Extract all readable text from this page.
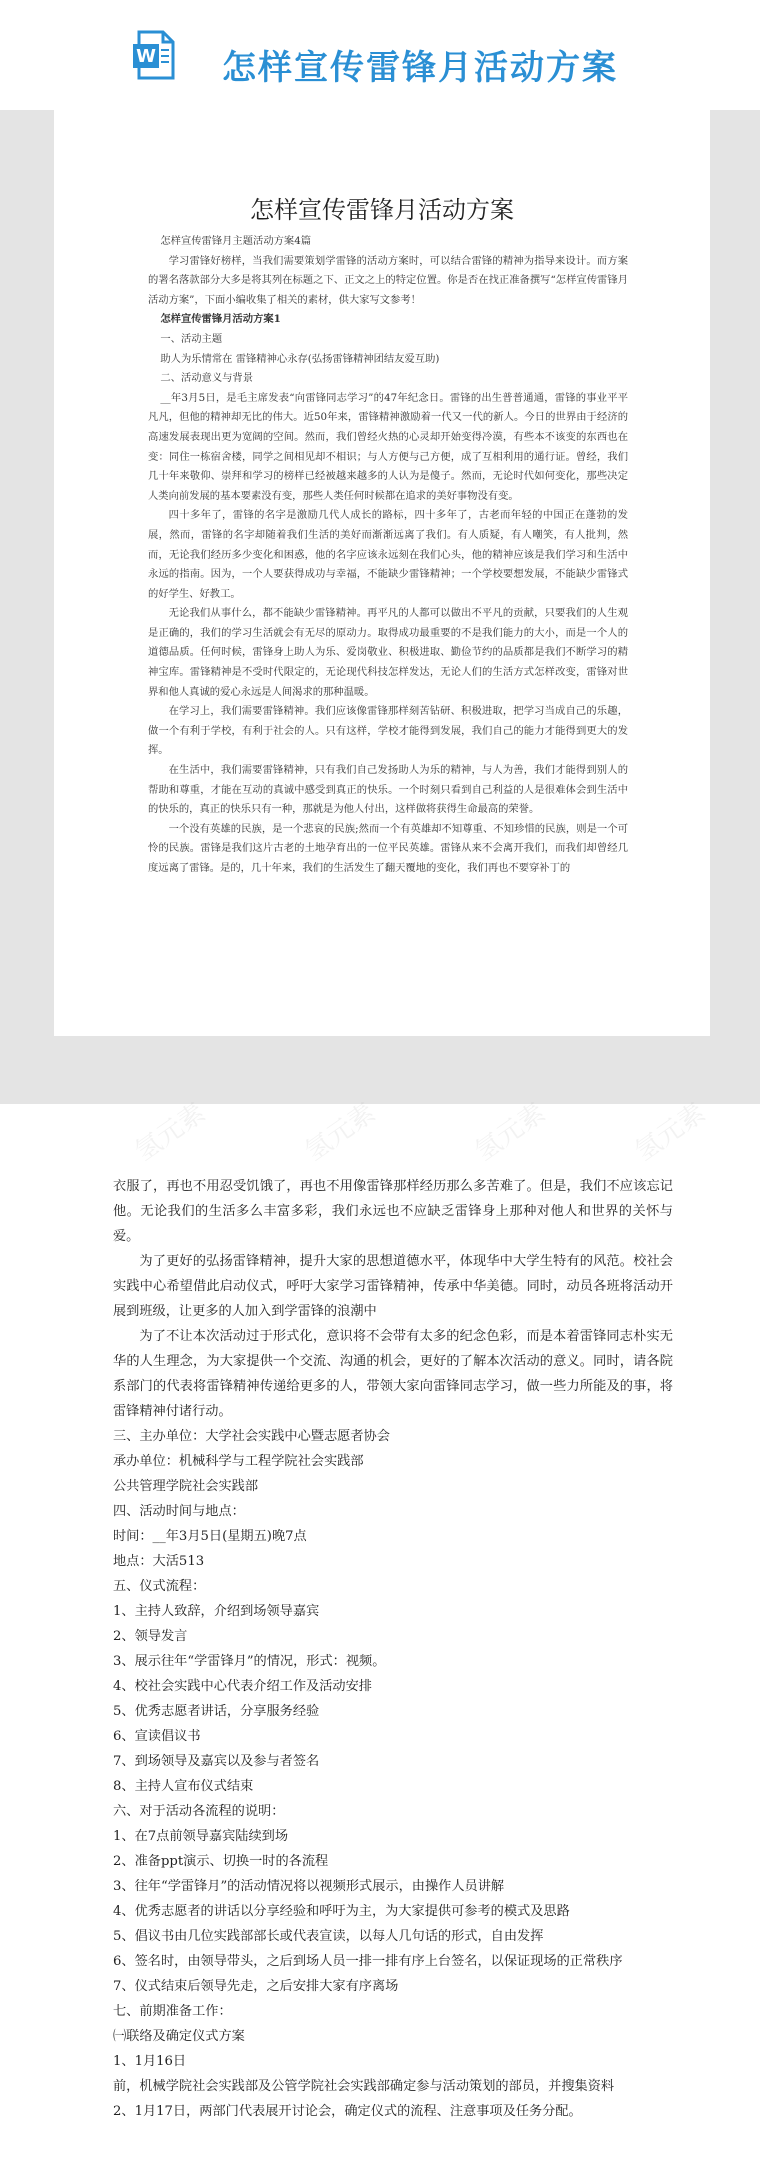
W 怎样宣传雷锋月活动方案
怎样宣传雷锋月活动方案

怎样宣传雷锋月主题活动方案4篇

学习雷锋好榜样，当我们需要策划学雷锋的活动方案时，可以结合雷锋的精神为指导来设计。而方案的署名落款部分大多是将其列在标题之下、正文之上的特定位置。你是否在找正准备撰写“怎样宣传雷锋月活动方案”，下面小编收集了相关的素材，供大家写文参考！

怎样宣传雷锋月活动方案1

一、活动主题

助人为乐情常在 雷锋精神心永存(弘扬雷锋精神团结友爱互助)

二、活动意义与背景

__年3月5日，是毛主席发表“向雷锋同志学习”的47年纪念日。雷锋的出生普普通通，雷锋的事业平平凡凡，但他的精神却无比的伟大。近50年来，雷锋精神激励着一代又一代的新人。今日的世界由于经济的高速发展表现出更为宽阔的空间。然而，我们曾经火热的心灵却开始变得冷漠，有些本不该变的东西也在变：同住一栋宿舍楼，同学之间相见却不相识；与人方便与己方便，成了互相利用的通行证。曾经，我们几十年来敬仰、崇拜和学习的榜样已经被越来越多的人认为是傻子。然而，无论时代如何变化，那些决定人类向前发展的基本要素没有变，那些人类任何时候都在追求的美好事物没有变。

四十多年了，雷锋的名字是激励几代人成长的路标，四十多年了，古老而年轻的中国正在蓬勃的发展，然而，雷锋的名字却随着我们生活的美好而渐渐远离了我们。有人质疑，有人嘲笑，有人批判，然而，无论我们经历多少变化和困惑，他的名字应该永远刻在我们心头，他的精神应该是我们学习和生活中永远的指南。因为，一个人要获得成功与幸福，不能缺少雷锋精神；一个学校要想发展，不能缺少雷锋式的好学生、好教工。

无论我们从事什么，都不能缺少雷锋精神。再平凡的人都可以做出不平凡的贡献，只要我们的人生观是正确的，我们的学习生活就会有无尽的原动力。取得成功最重要的不是我们能力的大小，而是一个人的道德品质。任何时候，雷锋身上助人为乐、爱岗敬业、积极进取、勤俭节约的品质都是我们不断学习的精神宝库。雷锋精神是不受时代限定的，无论现代科技怎样发达，无论人们的生活方式怎样改变，雷锋对世界和他人真诚的爱心永远是人间渴求的那种温暖。

在学习上，我们需要雷锋精神。我们应该像雷锋那样刻苦钻研、积极进取，把学习当成自己的乐趣，做一个有利于学校，有利于社会的人。只有这样，学校才能得到发展，我们自己的能力才能得到更大的发挥。

在生活中，我们需要雷锋精神，只有我们自己发扬助人为乐的精神，与人为善，我们才能得到别人的帮助和尊重，才能在互动的真诚中感受到真正的快乐。一个时刻只看到自己利益的人是很难体会到生活中的快乐的，真正的快乐只有一种，那就是为他人付出，这样做将获得生命最高的荣誉。

一个没有英雄的民族，是一个悲哀的民族;然而一个有英雄却不知尊重、不知珍惜的民族，则是一个可怜的民族。雷锋是我们这片古老的土地孕育出的一位平民英雄。雷锋从来不会离开我们，而我们却曾经几度远离了雷锋。是的，几十年来，我们的生活发生了翻天覆地的变化，我们再也不要穿补丁的

衣服了，再也不用忍受饥饿了，再也不用像雷锋那样经历那么多苦难了。但是，我们不应该忘记他。无论我们的生活多么丰富多彩，我们永远也不应缺乏雷锋身上那种对他人和世界的关怀与爱。

为了更好的弘扬雷锋精神，提升大家的思想道德水平，体现华中大学生特有的风范。校社会实践中心希望借此启动仪式，呼吁大家学习雷锋精神，传承中华美德。同时，动员各班将活动开展到班级，让更多的人加入到学雷锋的浪潮中

为了不让本次活动过于形式化，意识将不会带有太多的纪念色彩，而是本着雷锋同志朴实无华的人生理念，为大家提供一个交流、沟通的机会，更好的了解本次活动的意义。同时，请各院系部门的代表将雷锋精神传递给更多的人，带领大家向雷锋同志学习，做一些力所能及的事，将雷锋精神付诸行动。

三、主办单位：大学社会实践中心暨志愿者协会

承办单位：机械科学与工程学院社会实践部

公共管理学院社会实践部

四、活动时间与地点：

时间：__年3月5日(星期五)晚7点

地点：大活513

五、仪式流程：

1、主持人致辞，介绍到场领导嘉宾

2、领导发言

3、展示往年“学雷锋月”的情况，形式：视频。

4、校社会实践中心代表介绍工作及活动安排

5、优秀志愿者讲话，分享服务经验

6、宣读倡议书

7、到场领导及嘉宾以及参与者签名

8、主持人宣布仪式结束

六、对于活动各流程的说明：

1、在7点前领导嘉宾陆续到场

2、准备ppt演示、切换一时的各流程

3、往年“学雷锋月”的活动情况将以视频形式展示，由操作人员讲解

4、优秀志愿者的讲话以分享经验和呼吁为主，为大家提供可参考的模式及思路

5、倡议书由几位实践部部长或代表宣读，以每人几句话的形式，自由发挥

6、签名时，由领导带头，之后到场人员一排一排有序上台签名，以保证现场的正常秩序

7、仪式结束后领导先走，之后安排大家有序离场

七、前期准备工作：

㈠联络及确定仪式方案

1、1月16日

前，机械学院社会实践部及公管学院社会实践部确定参与活动策划的部员，并搜集资料

2、1月17日，两部门代表展开讨论会，确定仪式的流程、注意事项及任务分配。
